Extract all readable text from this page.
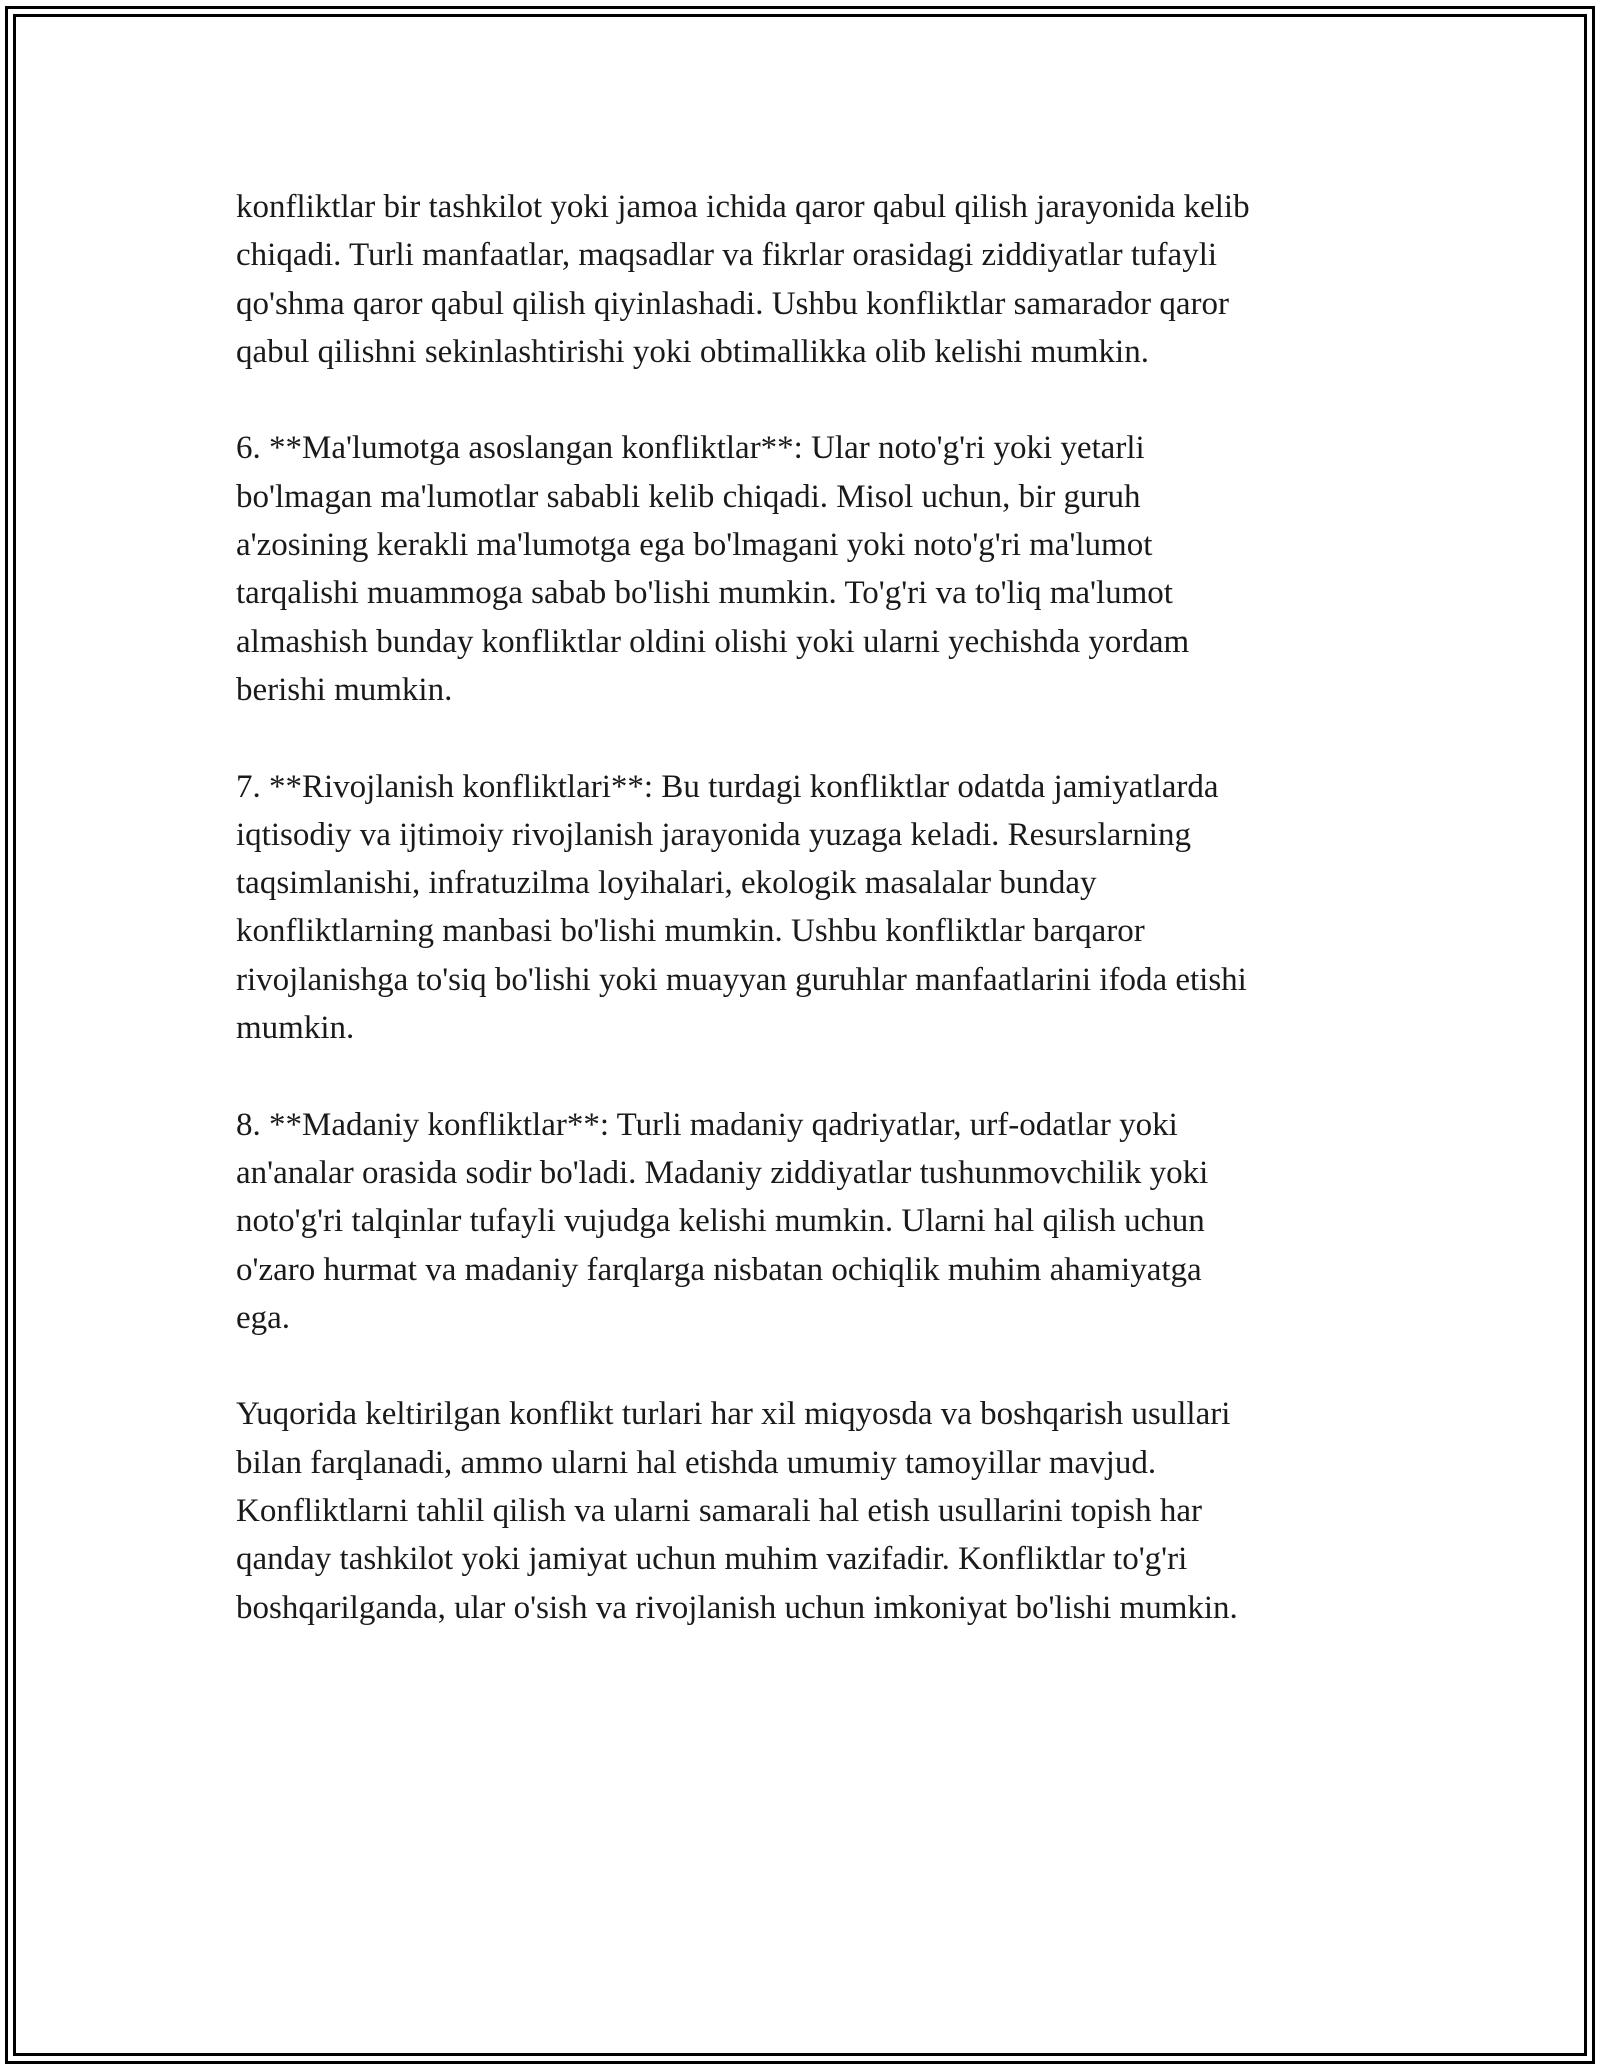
konfliktlar bir tashkilot yoki jamoa ichida qaror qabul qilish jarayonida kelib
chiqadi. Turli manfaatlar, maqsadlar va fikrlar orasidagi ziddiyatlar tufayli
qo'shma qaror qabul qilish qiyinlashadi. Ushbu konfliktlar samarador qaror
qabul qilishni sekinlashtirishi yoki obtimallikka olib kelishi mumkin.

6. **Ma'lumotga asoslangan konfliktlar**: Ular noto'g'ri yoki yetarli
bo'lmagan ma'lumotlar sababli kelib chiqadi. Misol uchun, bir guruh
a'zosining kerakli ma'lumotga ega bo'lmagani yoki noto'g'ri ma'lumot
tarqalishi muammoga sabab bo'lishi mumkin. To'g'ri va to'liq ma'lumot
almashish bunday konfliktlar oldini olishi yoki ularni yechishda yordam
berishi mumkin.

7. **Rivojlanish konfliktlari**: Bu turdagi konfliktlar odatda jamiyatlarda
iqtisodiy va ijtimoiy rivojlanish jarayonida yuzaga keladi. Resurslarning
taqsimlanishi, infratuzilma loyihalari, ekologik masalalar bunday
konfliktlarning manbasi bo'lishi mumkin. Ushbu konfliktlar barqaror
rivojlanishga to'siq bo'lishi yoki muayyan guruhlar manfaatlarini ifoda etishi
mumkin.

8. **Madaniy konfliktlar**: Turli madaniy qadriyatlar, urf-odatlar yoki
an'analar orasida sodir bo'ladi. Madaniy ziddiyatlar tushunmovchilik yoki
noto'g'ri talqinlar tufayli vujudga kelishi mumkin. Ularni hal qilish uchun
o'zaro hurmat va madaniy farqlarga nisbatan ochiqlik muhim ahamiyatga
ega.

Yuqorida keltirilgan konflikt turlari har xil miqyosda va boshqarish usullari
bilan farqlanadi, ammo ularni hal etishda umumiy tamoyillar mavjud.
Konfliktlarni tahlil qilish va ularni samarali hal etish usullarini topish har
qanday tashkilot yoki jamiyat uchun muhim vazifadir. Konfliktlar to'g'ri
boshqarilganda, ular o'sish va rivojlanish uchun imkoniyat bo'lishi mumkin.
